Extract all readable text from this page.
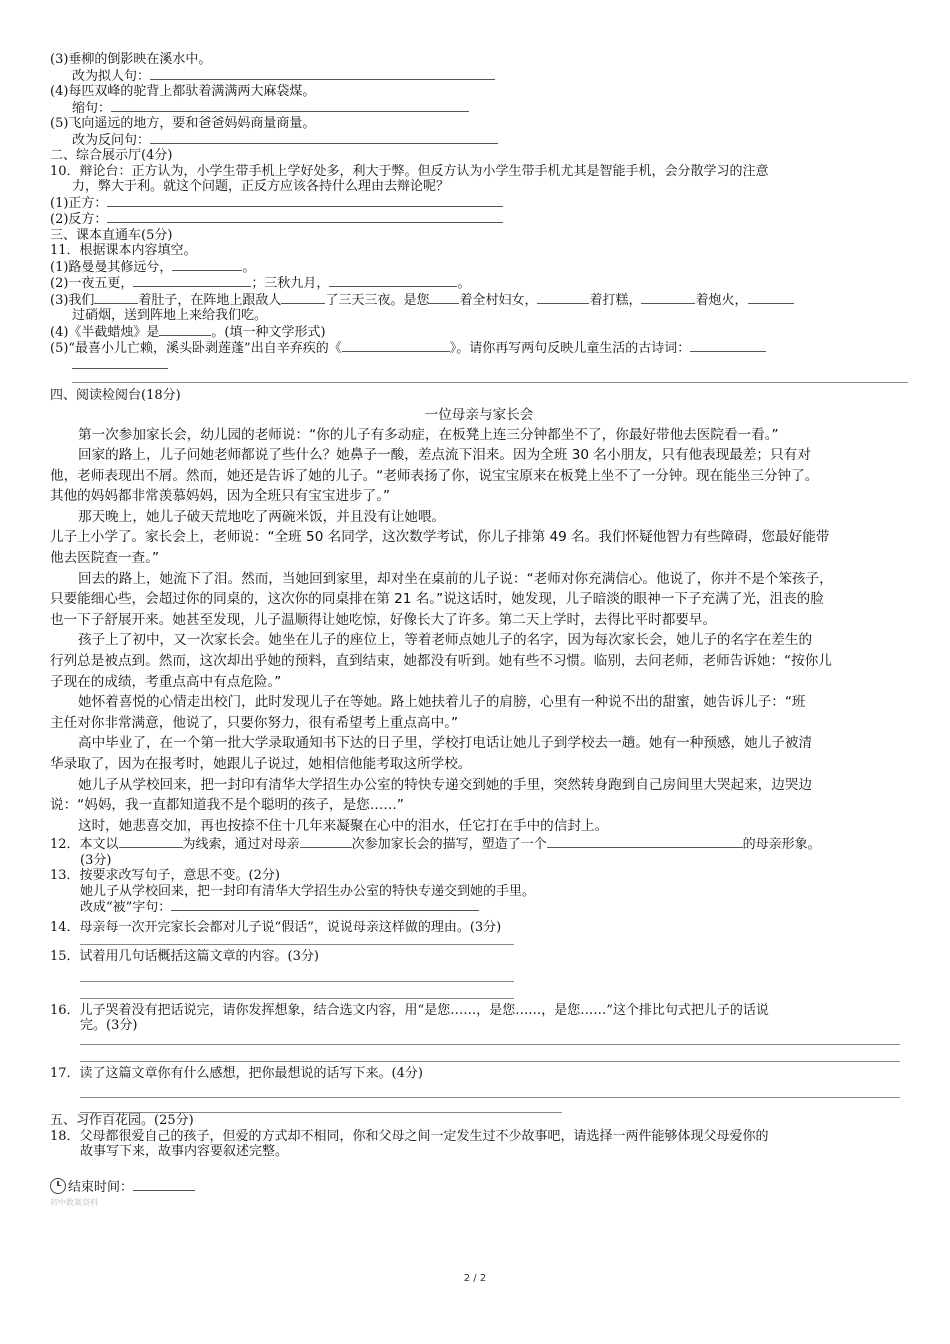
(3)垂柳的倒影映在溪水中。
改为拟人句：
(4)每匹双峰的驼背上都驮着满满两大麻袋煤。
缩句：
(5)飞向遥远的地方，要和爸爸妈妈商量商量。
改为反问句：
二、综合展示厅(4分)
10．辩论台：正方认为，小学生带手机上学好处多，利大于弊。但反方认为小学生带手机尤其是智能手机，会分散学习的注意
力，弊大于利。就这个问题，正反方应该各持什么理由去辩论呢？
(1)正方：
(2)反方：
三、课本直通车(5分)
11．根据课本内容填空。
(1)路曼曼其修远兮，	。
(2)一夜五更，	；三秋九月，	。
(3)我们	着肚子，在阵地上跟敌人	了三天三夜。是您 着全村妇女，	着打糕，	着炮火，
过硝烟，送到阵地上来给我们吃。
(4)《半截蜡烛》是	。(填一种文学形式)
(5)“最喜小儿亡赖，溪头卧剥莲蓬”出自辛弃疾的《	》。请你再写两句反映儿童生活的古诗词：
四、阅读检阅台(18分)
一位母亲与家长会
第一次参加家长会，幼儿园的老师说：“你的儿子有多动症，在板凳上连三分钟都坐不了，你最好带他去医院看一看。”
回家的路上，儿子问她老师都说了些什么？她鼻子一酸，差点流下泪来。因为全班 30 名小朋友，只有他表现最差；只有对
他，老师表现出不屑。然而，她还是告诉了她的儿子。“老师表扬了你，说宝宝原来在板凳上坐不了一分钟。现在能坐三分钟了。
其他的妈妈都非常羡慕妈妈，因为全班只有宝宝进步了。”
那天晚上，她儿子破天荒地吃了两碗米饭，并且没有让她喂。
儿子上小学了。家长会上，老师说：“全班 50 名同学，这次数学考试，你儿子排第 49 名。我们怀疑他智力有些障碍，您最好能带
他去医院查一查。”
回去的路上，她流下了泪。然而，当她回到家里，却对坐在桌前的儿子说：“老师对你充满信心。他说了，你并不是个笨孩子，
只要能细心些，会超过你的同桌的，这次你的同桌排在第 21 名。”说这话时，她发现，儿子暗淡的眼神一下子充满了光，沮丧的脸
也一下子舒展开来。她甚至发现，儿子温顺得让她吃惊，好像长大了许多。第二天上学时，去得比平时都要早。
孩子上了初中，又一次家长会。她坐在儿子的座位上，等着老师点她儿子的名字，因为每次家长会，她儿子的名字在差生的
行列总是被点到。然而，这次却出乎她的预料，直到结束，她都没有听到。她有些不习惯。临别，去问老师，老师告诉她：“按你儿
子现在的成绩，考重点高中有点危险。”
她怀着喜悦的心情走出校门，此时发现儿子在等她。路上她扶着儿子的肩膀，心里有一种说不出的甜蜜，她告诉儿子：“班
主任对你非常满意，他说了，只要你努力，很有希望考上重点高中。”
高中毕业了，在一个第一批大学录取通知书下达的日子里，学校打电话让她儿子到学校去一趟。她有一种预感，她儿子被清
华录取了，因为在报考时，她跟儿子说过，她相信他能考取这所学校。
她儿子从学校回来，把一封印有清华大学招生办公室的特快专递交到她的手里，突然转身跑到自己房间里大哭起来，边哭边
说：“妈妈，我一直都知道我不是个聪明的孩子，是您……”
这时，她悲喜交加，再也按捺不住十几年来凝聚在心中的泪水，任它打在手中的信封上。
12．本文以	为线索，通过对母亲	次参加家长会的描写，塑造了一个	的母亲形象。
(3分)
13．按要求改写句子，意思不变。(2分)
她儿子从学校回来，把一封印有清华大学招生办公室的特快专递交到她的手里。
改成“被”字句：
14．母亲每一次开完家长会都对儿子说“假话”，说说母亲这样做的理由。(3分)
15．试着用几句话概括这篇文章的内容。(3分)
16．儿子哭着没有把话说完，请你发挥想象，结合选文内容，用“是您……，是您……，是您……”这个排比句式把儿子的话说
完。(3分)
17．读了这篇文章你有什么感想，把你最想说的话写下来。(4分)
五、习作百花园。(25分)
18．父母都很爱自己的孩子，但爱的方式却不相同，你和父母之间一定发生过不少故事吧，请选择一两件能够体现父母爱你的
故事写下来，故事内容要叙述完整。
结束时间：
初中教案资料
2 / 2
